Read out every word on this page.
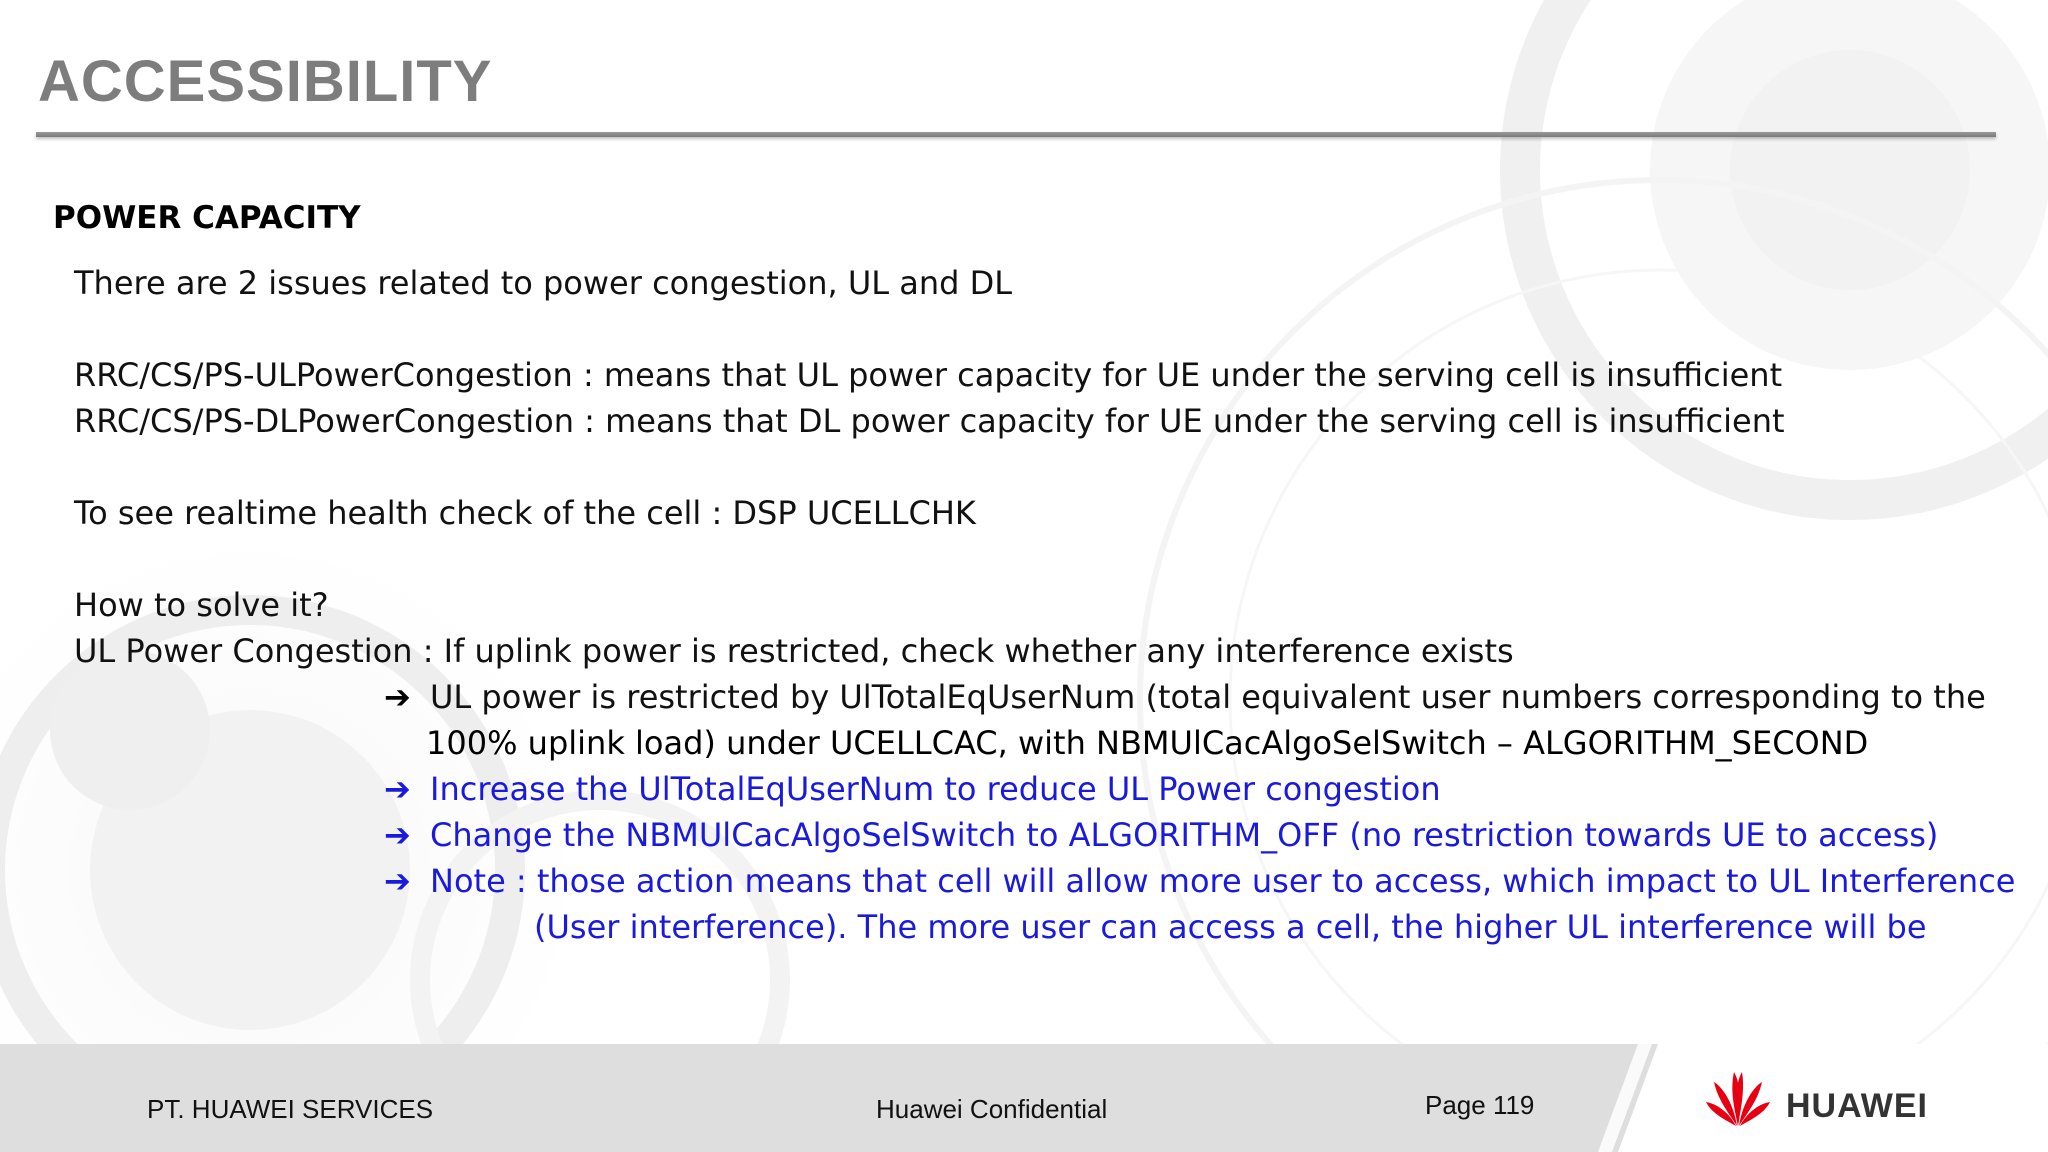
ACCESSIBILITY
POWER CAPACITY
There are 2 issues related to power congestion, UL and DL
RRC/CS/PS-ULPowerCongestion : means that UL power capacity for UE under the serving cell is insufficient
RRC/CS/PS-DLPowerCongestion : means that DL power capacity for UE under the serving cell is insufficient
To see realtime health check of the cell : DSP UCELLCHK
How to solve it?
UL Power Congestion : If uplink power is restricted, check whether any interference exists
➔ UL power is restricted by UlTotalEqUserNum (total equivalent user numbers corresponding to the
100% uplink load) under UCELLCAC, with NBMUlCacAlgoSelSwitch – ALGORITHM_SECOND
➔ Increase the UlTotalEqUserNum to reduce UL Power congestion
➔ Change the NBMUlCacAlgoSelSwitch to ALGORITHM_OFF (no restriction towards UE to access)
➔ Note : those action means that cell will allow more user to access, which impact to UL Interference
(User interference). The more user can access a cell, the higher UL interference will be
PT. HUAWEI SERVICES	Huawei Confidential	Page 119	HUAWEI
